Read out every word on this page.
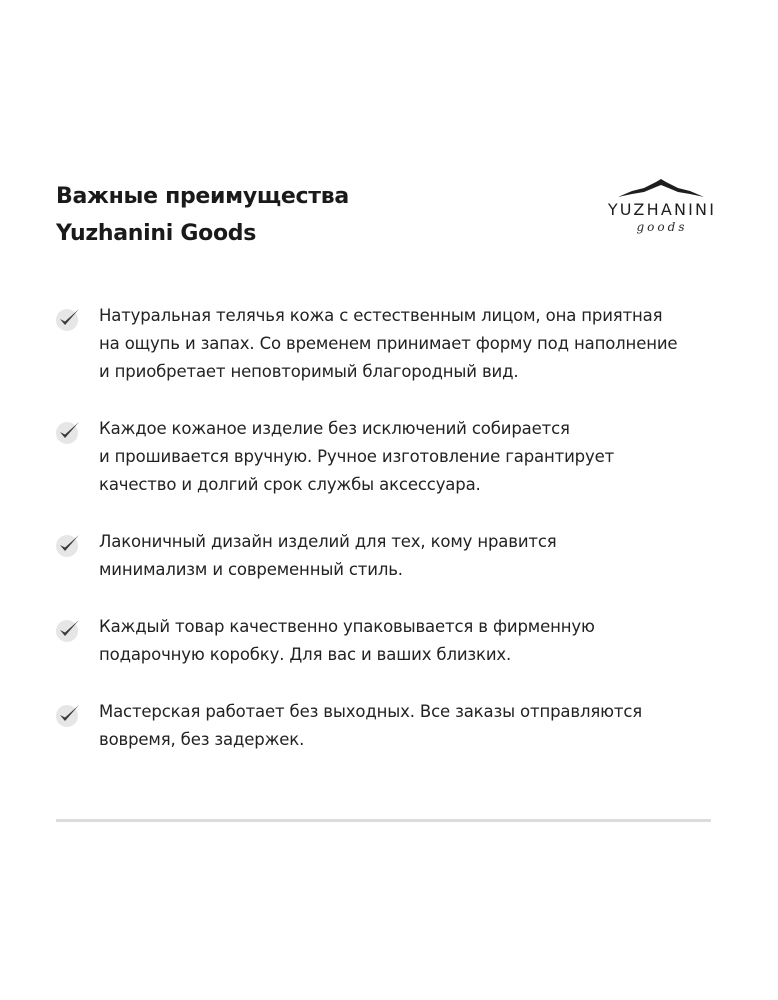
Важные преимущества
Yuzhanini Goods
YUZHANINI
goods
Натуральная телячья кожа с естественным лицом, она приятная
на ощупь и запах. Со временем принимает форму под наполнение
и приобретает неповторимый благородный вид.
Каждое кожаное изделие без исключений собирается
и прошивается вручную. Ручное изготовление гарантирует
качество и долгий срок службы аксессуара.
Лаконичный дизайн изделий для тех, кому нравится
минимализм и современный стиль.
Каждый товар качественно упаковывается в фирменную
подарочную коробку. Для вас и ваших близких.
Мастерская работает без выходных. Все заказы отправляются
вовремя, без задержек.
